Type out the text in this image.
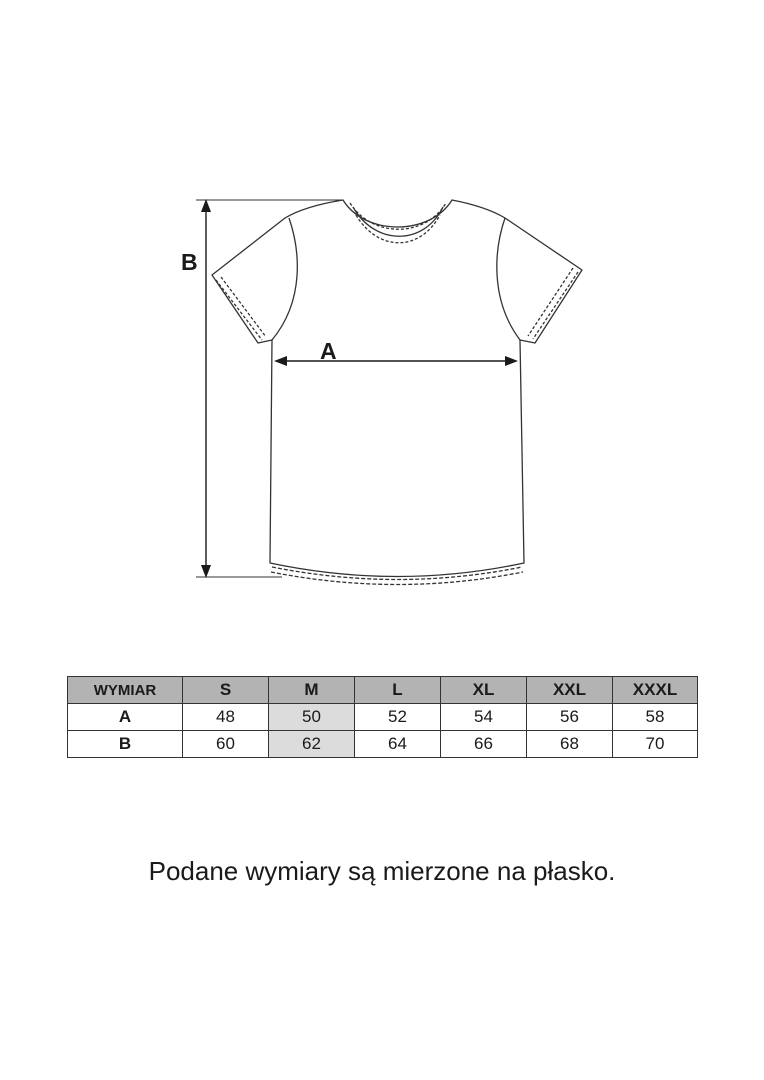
A
B
WYMIAR	S	M	L	XL	XXL	XXXL
A	48	50	52	54	56	58
B	60	62	64	66	68	70
Podane wymiary są mierzone na płasko.
